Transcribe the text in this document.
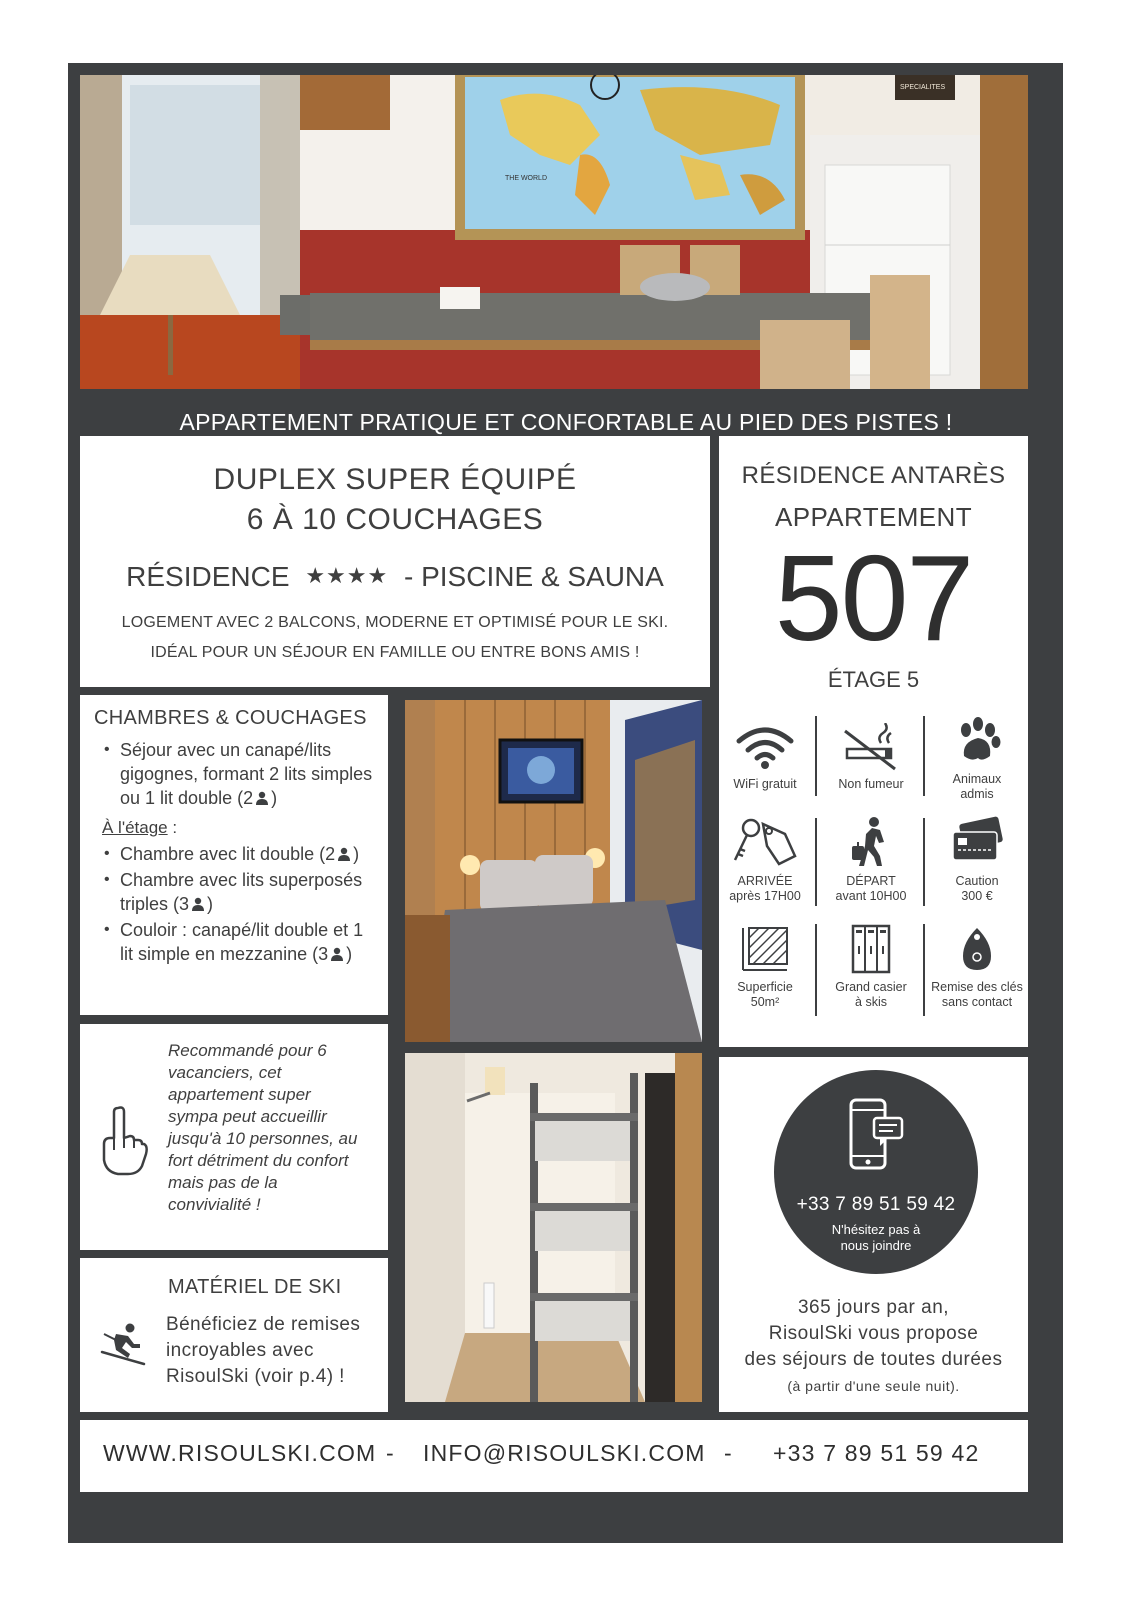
THE WORLD
SPECIALITES
APPARTEMENT PRATIQUE ET CONFORTABLE AU PIED DES PISTES !
DUPLEX SUPER ÉQUIPÉ
6 À 10 COUCHAGES
RÉSIDENCE ★★★★ - PISCINE & SAUNA
LOGEMENT AVEC 2 BALCONS, MODERNE ET OPTIMISÉ POUR LE SKI.
IDÉAL POUR UN SÉJOUR EN FAMILLE OU ENTRE BONS AMIS !
RÉSIDENCE ANTARÈS
APPARTEMENT
507
ÉTAGE 5
WiFi gratuit	Non fumeur	Animaux
admis
ARRIVÉE
après 17H00
DÉPART
avant 10H00
Caution
300 €
Superficie
50m²
Grand casier
à skis
Remise des clés
sans contact
CHAMBRES & COUCHAGES
• Séjour avec un canapé/lits gigognes, formant 2 lits simples ou 1 lit double (2 )
À l'étage :
• Chambre avec lit double (2 )
• Chambre avec lits superposés triples (3 )
• Couloir : canapé/lit double et 1 lit simple en mezzanine (3 )
Recommandé pour 6 vacanciers, cet appartement super sympa peut accueillir jusqu'à 10 personnes, au fort détriment du confort mais pas de la convivialité !
MATÉRIEL DE SKI
Bénéficiez de remises incroyables avec RisoulSki (voir p.4) !
+33 7 89 51 59 42
N'hésitez pas à
nous joindre
365 jours par an,
RisoulSki vous propose
des séjours de toutes durées
(à partir d'une seule nuit).
WWW.RISOULSKI.COM - INFO@RISOULSKI.COM - +33 7 89 51 59 42
